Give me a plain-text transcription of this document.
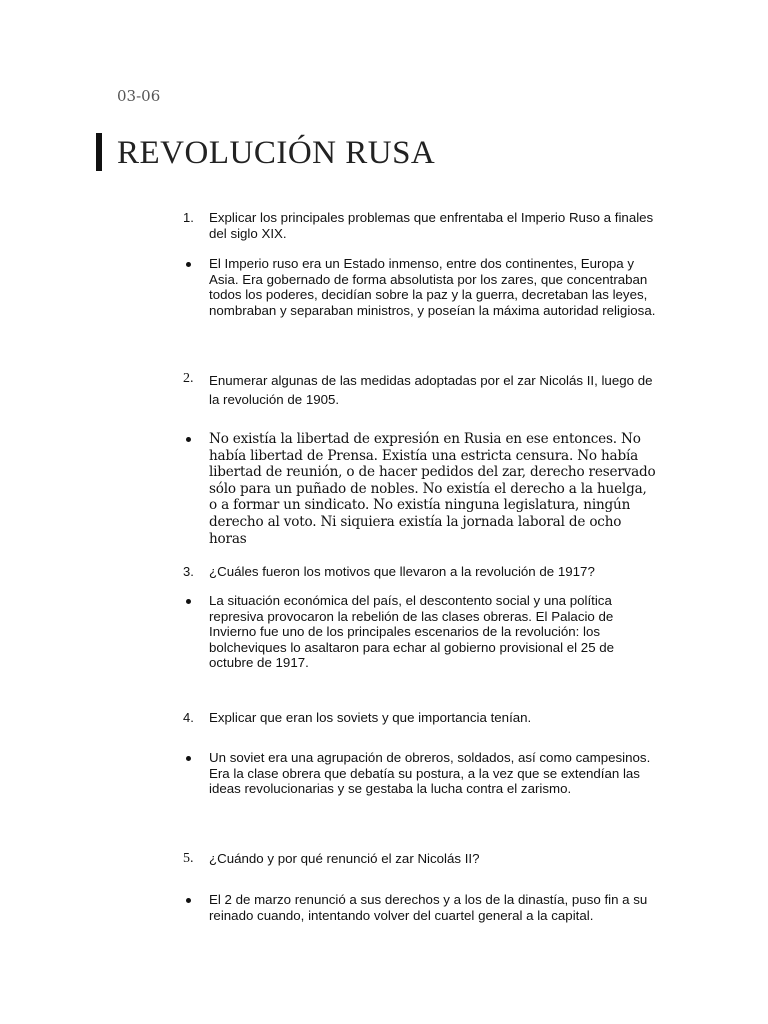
03-06
REVOLUCIÓN RUSA
1.	Explicar los principales problemas que enfrentaba el Imperio Ruso a finales del siglo XIX.
El Imperio ruso era un Estado inmenso, entre dos continentes, Europa y Asia. Era gobernado de forma absolutista por los zares, que concentraban todos los poderes, decidían sobre la paz y la guerra, decretaban las leyes, nombraban y separaban ministros, y poseían la máxima autoridad religiosa.
2.	Enumerar algunas de las medidas adoptadas por el zar Nicolás II, luego de la revolución de 1905.
No existía la libertad de expresión en Rusia en ese entonces. No había libertad de Prensa. Existía una estricta censura. No había libertad de reunión, o de hacer pedidos del zar, derecho reservado sólo para un puñado de nobles. No existía el derecho a la huelga, o a formar un sindicato. No existía ninguna legislatura, ningún derecho al voto. Ni siquiera existía la jornada laboral de ocho horas
3.	¿Cuáles fueron los motivos que llevaron a la revolución de 1917?
La situación económica del país, el descontento social y una política represiva provocaron la rebelión de las clases obreras. El Palacio de Invierno fue uno de los principales escenarios de la revolución: los bolcheviques lo asaltaron para echar al gobierno provisional el 25 de octubre de 1917.
4.	Explicar que eran los soviets y que importancia tenían.
Un soviet era una agrupación de obreros, soldados, así como campesinos. Era la clase obrera que debatía su postura, a la vez que se extendían las ideas revolucionarias y se gestaba la lucha contra el zarismo.
5.	¿Cuándo y por qué renunció el zar Nicolás II?
El 2 de marzo renunció a sus derechos y a los de la dinastía, puso fin a su reinado cuando, intentando volver del cuartel general a la capital.
